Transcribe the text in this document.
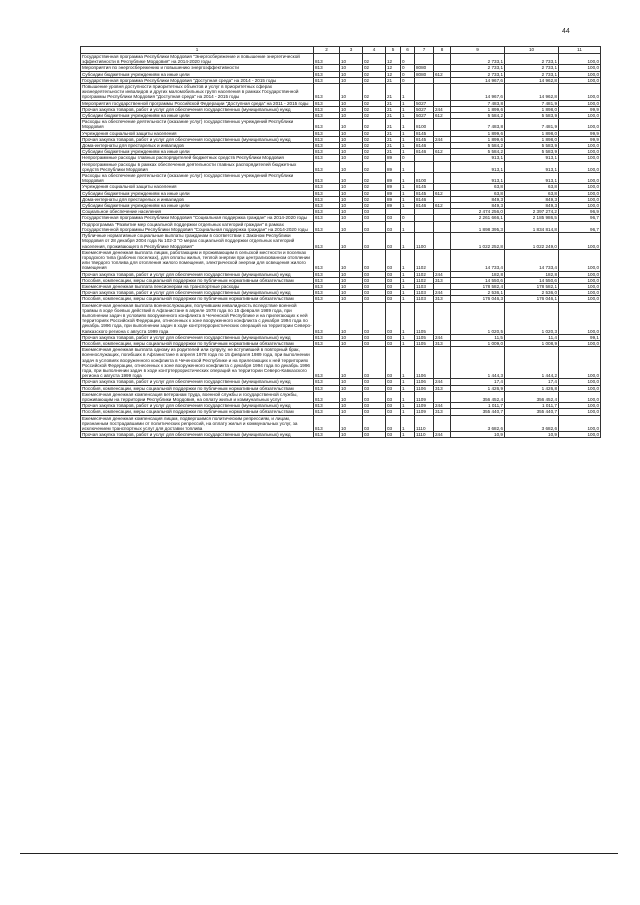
44
1	2	3	4	5	6	7	8	9	10	11
Государственная программа Республики Мордовия "Энергосбережение и повышение энергетической эффективности в Республике Мордовия" на 2014-2020 годы	813	10	02	12	0			2 733,1	2 733,1	100,0
Мероприятия по энергосбережению и повышению энергоэффективности	813	10	02	12	0	8080		2 733,1	2 733,1	100,0
Субсидии бюджетным учреждениям на иные цели	813	10	02	12	0	8080	612	2 733,1	2 733,1	100,0
Государственная программа Республики Мордовия "Доступная среда" на 2014 - 2015 годы	813	10	02	21	0			14 967,6	14 962,8	100,0
Повышение уровня доступности приоритетных объектов и услуг в приоритетных сферах жизнедеятельности инвалидов и других маломобильных групп населения в рамках Государственной программы Республики Мордовия "Доступная среда" на 2014 - 2015 годы	813	10	02	21	1			14 967,6	14 962,8	100,0
Мероприятия государственной программы Российской Федерации "Доступная среда" на 2011 - 2015 годы	813	10	02	21	1	5027		7 483,8	7 481,9	100,0
Прочая закупка товаров, работ и услуг для обеспечения государственных (муниципальных) нужд	813	10	02	21	1	5027	244	1 899,6	1 898,0	99,9
Субсидии бюджетным учреждениям на иные цели	813	10	02	21	1	5027	612	5 584,2	5 583,9	100,0
Расходы на обеспечение деятельности (оказание услуг) государственных учреждений Республики Мордовия	813	10	02	21	1	8100		7 483,8	7 481,9	100,0
Учреждения социальной защиты населения	813	10	02	21	1	8145		1 899,6	1 898,0	99,9
Прочая закупка товаров, работ и услуг для обеспечения государственных (муниципальных) нужд	813	10	02	21	1	8145	244	1 899,6	1 898,0	99,9
Дома-интернаты для престарелых и инвалидов	813	10	02	21	1	8146		5 584,2	5 583,9	100,0
Субсидии бюджетным учреждениям на иные цели	813	10	02	21	1	8146	612	5 584,2	5 583,9	100,0
Непрограммные расходы главных распорядителей бюджетных средств Республики Мордовия	813	10	02	89	0			913,1	913,1	100,0
Непрограммные расходы в рамках обеспечения деятельности главных распорядителей бюджетных средств Республики Мордовия	813	10	02	89	1			913,1	913,1	100,0
Расходы на обеспечение деятельности (оказание услуг) государственных учреждений Республики Мордовия	813	10	02	89	1	8100		913,1	913,1	100,0
Учреждения социальной защиты населения	813	10	02	89	1	8145		63,8	63,8	100,0
Субсидии бюджетным учреждениям на иные цели	813	10	02	89	1	8145	612	63,8	63,8	100,0
Дома-интернаты для престарелых и инвалидов	813	10	02	89	1	8146		849,3	849,3	100,0
Субсидии бюджетным учреждениям на иные цели	813	10	02	89	1	8146	612	849,3	849,3	100,0
Социальное обеспечение населения	813	10	03					2 474 256,0	2 397 274,2	96,9
Государственная программа Республики Мордовия "Социальная поддержка граждан" на 2014-2020 годы	813	10	03	03	0			2 261 666,1	2 185 986,5	96,7
Подпрограмма "Развитие мер социальной поддержки отдельных категорий граждан" в рамках Государственной программы Республики Мордовия "Социальная поддержка граждан" на 2014-2020 годы	813	10	03	03	1			1 898 395,3	1 834 814,8	96,7
Публичные нормативные социальные выплаты гражданам в соответствии с Законом Республики Мордовия от 28 декабря 2004 года № 102-З "О мерах социальной поддержки отдельных категорий населения, проживающего в Республике Мордовия"	813	10	03	03	1	1100		1 022 252,8	1 022 249,0	100,0
Ежемесячная денежная выплата лицам, работающим и проживающим в сельской местности и поселках городского типа (рабочих поселках), для оплаты жилья, теплой энергии при централизованном отоплении или твердого топлива для отопления жилого помещения, электрической энергии для освещения жилого помещения	813	10	03	03	1	1102		14 733,4	14 733,4	100,0
Прочая закупка товаров, работ и услуг для обеспечения государственных (муниципальных) нужд	813	10	03	03	1	1102	244	182,8	182,8	100,0
Пособия, компенсации, меры социальной поддержки по публичным нормативным обязательствам	813	10	03	03	1	1102	313	14 550,6	14 550,6	100,0
Ежемесячная денежная выплата пенсионерам на транспортные расходы	813	10	03	03	1	1103		178 582,4	178 582,1	100,0
Прочая закупка товаров, работ и услуг для обеспечения государственных (муниципальных) нужд	813	10	03	03	1	1103	244	2 536,1	2 536,0	100,0
Пособия, компенсации, меры социальной поддержки по публичным нормативным обязательствам	813	10	03	03	1	1103	313	176 046,3	176 046,1	100,0
Ежемесячная денежная выплата военнослужащим, получившим инвалидность вследствие военной травмы в ходе боевых действий в Афганистане в апреле 1978 года по 15 февраля 1989 года, при выполнении задач в условиях вооруженного конфликта в Чеченской Республике и на прилегающих к ней территориях Российской Федерации, отнесенных к зоне вооруженного конфликта с декабря 1994 года по декабрь 1996 года, при выполнении задач в ходе контртеррористических операций на территории Северо-Кавказского региона с августа 1999 года	813	10	03	03	1	1105		1 020,5	1 020,3	100,0
Прочая закупка товаров, работ и услуг для обеспечения государственных (муниципальных) нужд	813	10	03	03	1	1105	244	11,5	11,4	99,1
Пособия, компенсации, меры социальной поддержки по публичным нормативным обязательствам	813	10	03	03	1	1105	313	1 009,0	1 008,9	100,0
Ежемесячная денежная выплата одному из родителей или супругу, не вступившей в повторный брак, военнослужащих, погибших в Афганистане в апреля 1978 года по 15 февраля 1989 года, при выполнении задач в условиях вооруженного конфликта в Чеченской Республике и на прилегающих к ней территориях Российской Федерации, отнесенных к зоне вооруженного конфликта с декабря 1994 года по декабрь 1996 года, при выполнении задач в ходе контртеррористических операций на территории Северо-Кавказского региона с августа 1999 года	813	10	03	03	1	1106		1 444,3	1 444,2	100,0
Прочая закупка товаров, работ и услуг для обеспечения государственных (муниципальных) нужд	813	10	03	03	1	1106	244	17,4	17,4	100,0
Пособия, компенсации, меры социальной поддержки по публичным нормативным обязательствам	813	10	03	03	1	1106	313	1 426,9	1 426,8	100,0
Ежемесячная денежная компенсация ветеранам труда, военной службы и государственной службы, проживающим на территории Республики Мордовия, на оплату жилья и коммунальных услуг	813	10	03	03	1	1109		356 452,4	356 452,4	100,0
Прочая закупка товаров, работ и услуг для обеспечения государственных (муниципальных) нужд	813	10	03	03	1	1109	244	1 011,7	1 011,7	100,0
Пособия, компенсации, меры социальной поддержки по публичным нормативным обязательствам	813	10	03	03	1	1109	313	355 440,7	355 440,7	100,0
Ежемесячная денежная компенсация лицам, подвергшимся политическим репрессиям, и лицам, признанным пострадавшими от политических репрессий, на оплату жилья и коммунальных услуг, за исключением транспортных услуг для доставки топлива	813	10	03	03	1	1110		3 682,6	3 682,6	100,0
Прочая закупка товаров, работ и услуг для обеспечения государственных (муниципальных) нужд	813	10	03	03	1	1110	244	10,9	10,9	100,0
